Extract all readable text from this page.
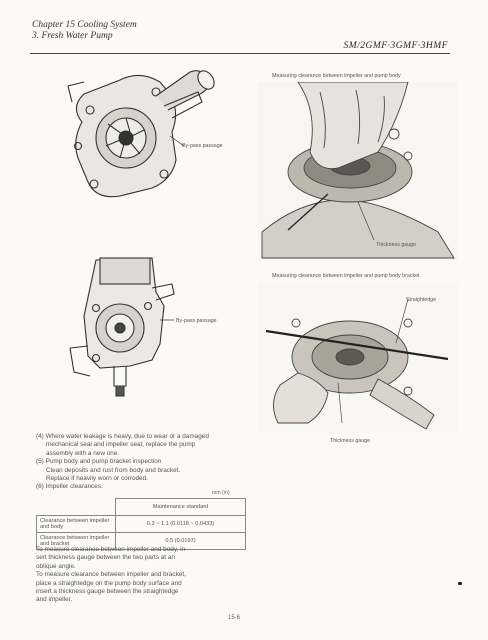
Chapter 15 Cooling System
3. Fresh Water Pump
SM/2GMF·3GMF·3HMF
By-pass passage
By-pass passage
Measuring clearance between impeller and pump body
Thickness gauge
Measuring clearance between impeller and pump body bracket
Straightedge
Thickness gauge
(4) Where water leakage is heavy, due to wear or a damaged
mechanical seal and impeller seat, replace the pump
assembly with a new one.
(5) Pump body and pump bracket inspection
Clean deposits and rust from body and bracket.
Replace if heavily worn or corroded.
(6) Impeller clearances.
mm (in)
	Maintenance standard

Clearance between impeller
and body	0.3 ~ 1.1 (0.0118 ~ 0.0433)

Clearance between impeller
and bracket	0.5 (0.0197)
To measure clearance between impeller and body, in-
sert thickness gauge between the two parts at an
oblique angle.
To measure clearance between impeller and bracket,
place a straightedge on the pump body surface and
insert a thickness gauge between the straightedge
and impeller.
15-6
